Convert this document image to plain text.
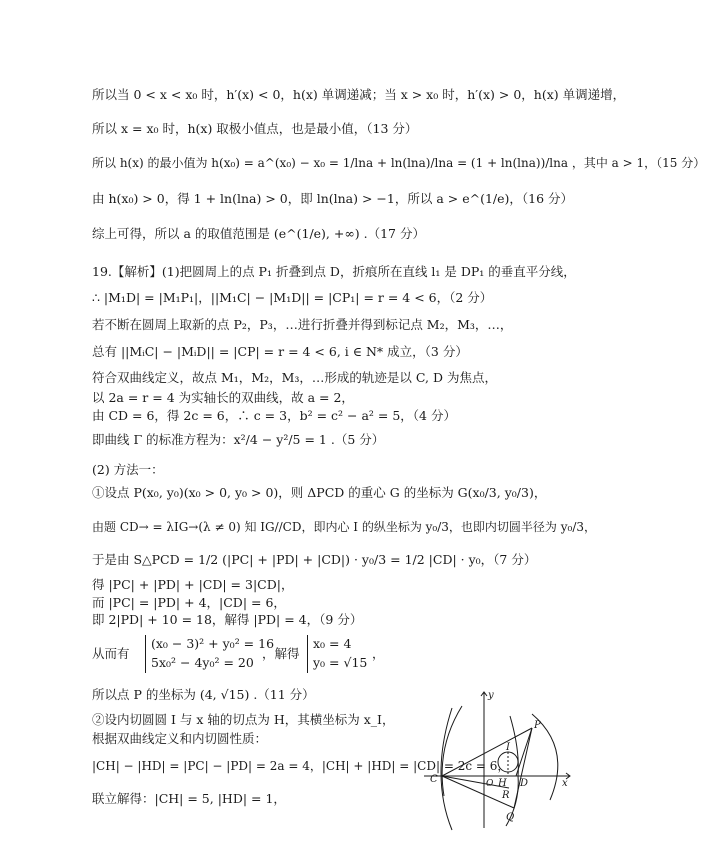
所以当 0 < x < x₀ 时，h′(x) < 0，h(x) 单调递减；当 x > x₀ 时，h′(x) > 0，h(x) 单调递增，
所以 x = x₀ 时，h(x) 取极小值点，也是最小值，（13 分）
所以 h(x) 的最小值为 h(x₀) = a^(x₀) − x₀ = 1/lna + ln(lna)/lna = (1 + ln(lna))/lna ，其中 a > 1，（15 分）
由 h(x₀) > 0，得 1 + ln(lna) > 0，即 ln(lna) > −1，所以 a > e^(1/e)，（16 分）
综上可得，所以 a 的取值范围是 (e^(1/e), +∞) .（17 分）
19.【解析】(1)把圆周上的点 P₁ 折叠到点 D，折痕所在直线 l₁ 是 DP₁ 的垂直平分线，
∴ |M₁D| = |M₁P₁|，||M₁C| − |M₁D|| = |CP₁| = r = 4 < 6，（2 分）
若不断在圆周上取新的点 P₂，P₃，…进行折叠并得到标记点 M₂，M₃，…，
总有 ||MᵢC| − |MᵢD|| = |CP| = r = 4 < 6, i ∈ N* 成立，（3 分）
符合双曲线定义，故点 M₁，M₂，M₃，…形成的轨迹是以 C, D 为焦点，
以 2a = r = 4 为实轴长的双曲线，故 a = 2，
由 CD = 6，得 2c = 6，∴ c = 3，b² = c² − a² = 5，（4 分）
即曲线 Γ 的标准方程为：x²/4 − y²/5 = 1 .（5 分）
(2) 方法一：
①设点 P(x₀, y₀)(x₀ > 0, y₀ > 0)，则 ΔPCD 的重心 G 的坐标为 G(x₀/3, y₀/3)，
由题 CD→ = λIG→(λ ≠ 0) 知 IG//CD，即内心 I 的纵坐标为 y₀/3，也即内切圆半径为 y₀/3，
于是由 S△PCD = 1/2 (|PC| + |PD| + |CD|) · y₀/3 = 1/2 |CD| · y₀，（7 分）
得 |PC| + |PD| + |CD| = 3|CD|，
而 |PC| = |PD| + 4，|CD| = 6，
即 2|PD| + 10 = 18，解得 |PD| = 4，（9 分）
从而有
(x₀ − 3)² + y₀² = 16
5x₀² − 4y₀² = 20
，解得
x₀ = 4
y₀ = √15
，
所以点 P 的坐标为 (4, √15) .（11 分）
②设内切圆圆 I 与 x 轴的切点为 H，其横坐标为 x_I，
根据双曲线定义和内切圆性质：
|CH| − |HD| = |PC| − |PD| = 2a = 4，|CH| + |HD| = |CD| = 2c = 6，
联立解得：|CH| = 5, |HD| = 1，
y
P
I
C	H D
R
x
O
Q
